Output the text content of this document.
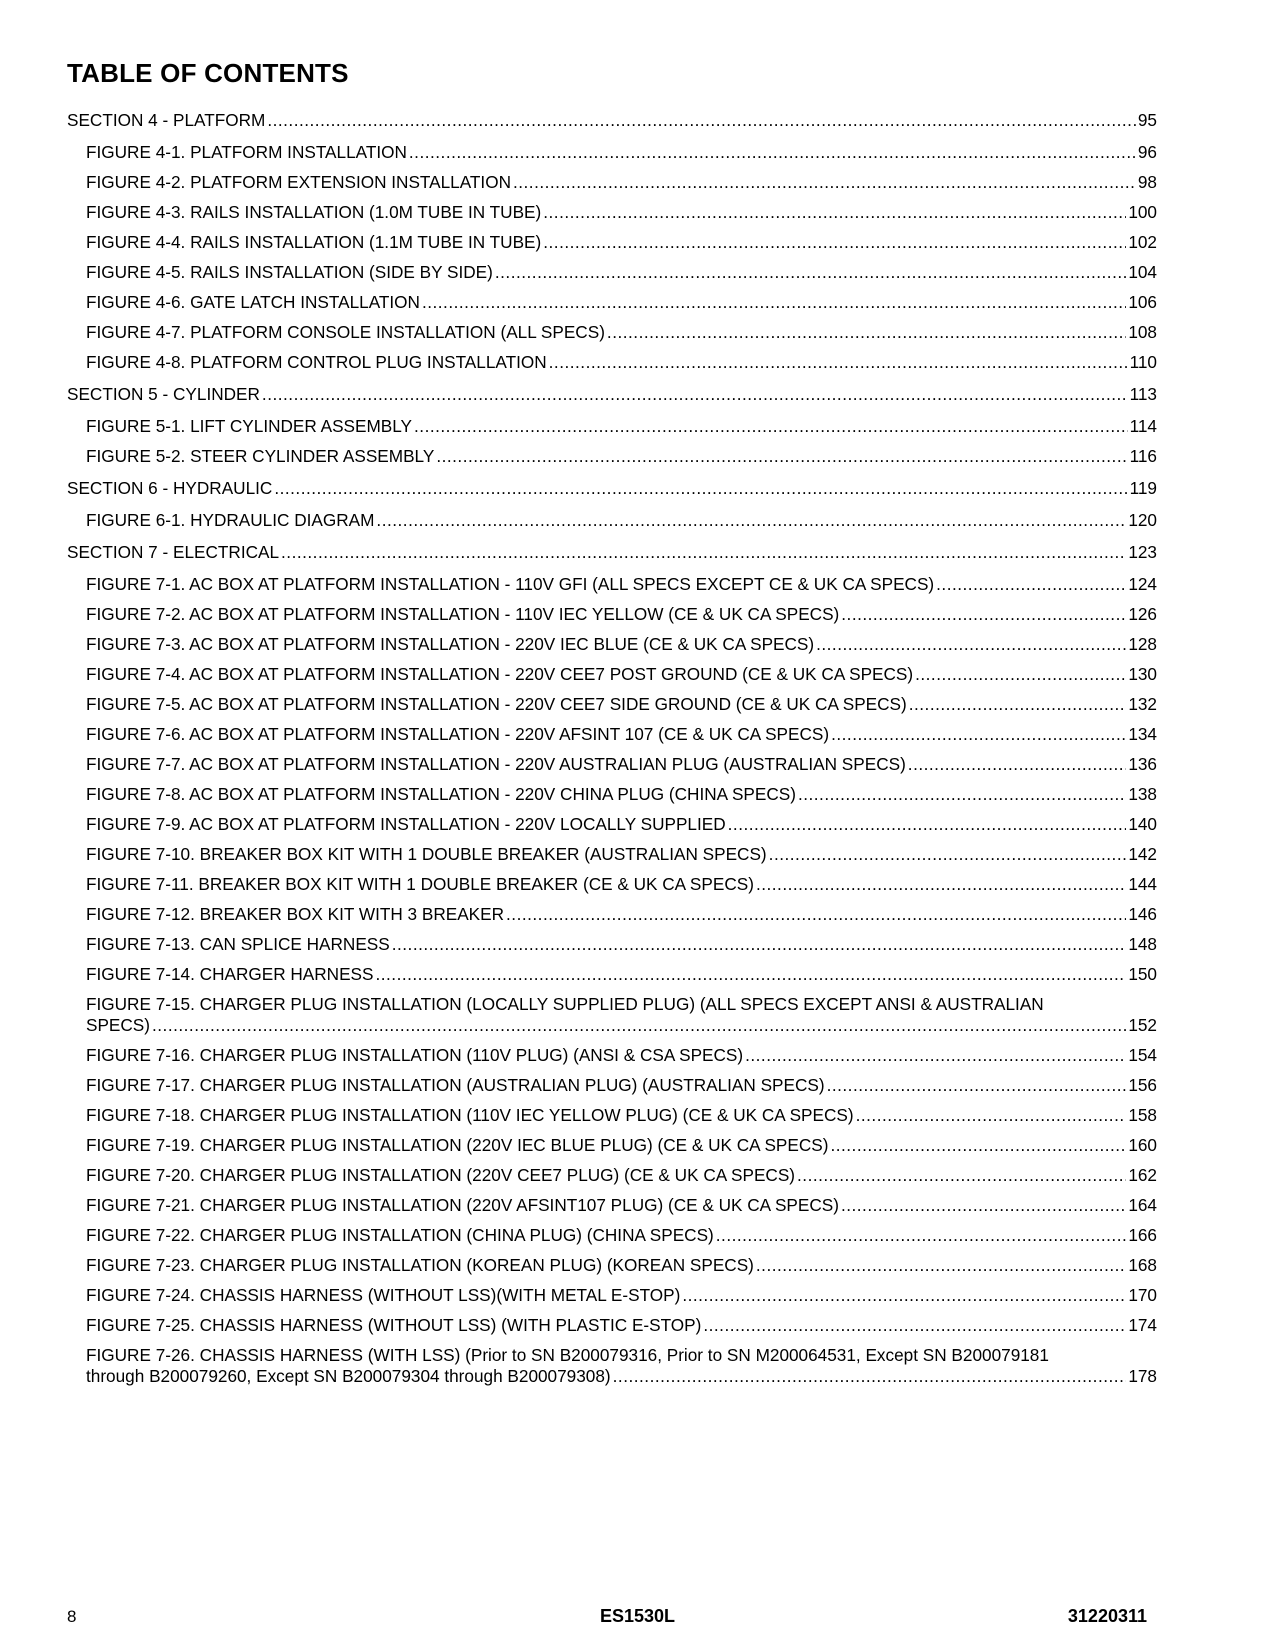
TABLE OF CONTENTS
SECTION 4 - PLATFORM .....	95
FIGURE 4-1. PLATFORM INSTALLATION .....	96
FIGURE 4-2. PLATFORM EXTENSION INSTALLATION .....	98
FIGURE 4-3. RAILS INSTALLATION (1.0M TUBE IN TUBE) .....	100
FIGURE 4-4. RAILS INSTALLATION (1.1M TUBE IN TUBE) .....	102
FIGURE 4-5. RAILS INSTALLATION (SIDE BY SIDE) .....	104
FIGURE 4-6. GATE LATCH INSTALLATION .....	106
FIGURE 4-7. PLATFORM CONSOLE INSTALLATION (ALL SPECS) .....	108
FIGURE 4-8. PLATFORM CONTROL PLUG INSTALLATION .....	110
SECTION 5 - CYLINDER .....	113
FIGURE 5-1. LIFT CYLINDER ASSEMBLY .....	114
FIGURE 5-2. STEER CYLINDER ASSEMBLY .....	116
SECTION 6 - HYDRAULIC .....	119
FIGURE 6-1. HYDRAULIC DIAGRAM .....	120
SECTION 7 - ELECTRICAL .....	123
FIGURE 7-1. AC BOX AT PLATFORM INSTALLATION - 110V GFI (ALL SPECS EXCEPT CE & UK CA SPECS) .....	124
FIGURE 7-2. AC BOX AT PLATFORM INSTALLATION - 110V IEC YELLOW (CE & UK CA SPECS) .....	126
FIGURE 7-3. AC BOX AT PLATFORM INSTALLATION - 220V IEC BLUE (CE & UK CA SPECS) .....	128
FIGURE 7-4. AC BOX AT PLATFORM INSTALLATION - 220V CEE7 POST GROUND (CE & UK CA SPECS) .....	130
FIGURE 7-5. AC BOX AT PLATFORM INSTALLATION - 220V CEE7 SIDE GROUND (CE & UK CA SPECS) .....	132
FIGURE 7-6. AC BOX AT PLATFORM INSTALLATION - 220V AFSINT 107 (CE & UK CA SPECS) .....	134
FIGURE 7-7. AC BOX AT PLATFORM INSTALLATION - 220V AUSTRALIAN PLUG (AUSTRALIAN SPECS) .....	136
FIGURE 7-8. AC BOX AT PLATFORM INSTALLATION - 220V CHINA PLUG (CHINA SPECS) .....	138
FIGURE 7-9. AC BOX AT PLATFORM INSTALLATION - 220V LOCALLY SUPPLIED .....	140
FIGURE 7-10. BREAKER BOX KIT WITH 1 DOUBLE BREAKER (AUSTRALIAN SPECS) .....	142
FIGURE 7-11. BREAKER BOX KIT WITH 1 DOUBLE BREAKER (CE & UK CA SPECS) .....	144
FIGURE 7-12. BREAKER BOX KIT WITH 3 BREAKER .....	146
FIGURE 7-13. CAN SPLICE HARNESS .....	148
FIGURE 7-14. CHARGER HARNESS .....	150
FIGURE 7-15. CHARGER PLUG INSTALLATION (LOCALLY SUPPLIED PLUG) (ALL SPECS EXCEPT ANSI & AUSTRALIAN
SPECS) .....	152
FIGURE 7-16. CHARGER PLUG INSTALLATION (110V PLUG) (ANSI & CSA SPECS) .....	154
FIGURE 7-17. CHARGER PLUG INSTALLATION (AUSTRALIAN PLUG) (AUSTRALIAN SPECS) .....	156
FIGURE 7-18. CHARGER PLUG INSTALLATION (110V IEC YELLOW PLUG) (CE & UK CA SPECS) .....	158
FIGURE 7-19. CHARGER PLUG INSTALLATION (220V IEC BLUE PLUG) (CE & UK CA SPECS) .....	160
FIGURE 7-20. CHARGER PLUG INSTALLATION (220V CEE7 PLUG) (CE & UK CA SPECS) .....	162
FIGURE 7-21. CHARGER PLUG INSTALLATION (220V AFSINT107 PLUG) (CE & UK CA SPECS) .....	164
FIGURE 7-22. CHARGER PLUG INSTALLATION (CHINA PLUG) (CHINA SPECS) .....	166
FIGURE 7-23. CHARGER PLUG INSTALLATION (KOREAN PLUG) (KOREAN SPECS) .....	168
FIGURE 7-24. CHASSIS HARNESS (WITHOUT LSS)(WITH METAL E-STOP) .....	170
FIGURE 7-25. CHASSIS HARNESS (WITHOUT LSS) (WITH PLASTIC E-STOP) .....	174
FIGURE 7-26. CHASSIS HARNESS (WITH LSS) (Prior to SN B200079316, Prior to SN M200064531, Except SN B200079181
through B200079260, Except SN B200079304 through B200079308) .....	178
8	ES1530L	31220311
